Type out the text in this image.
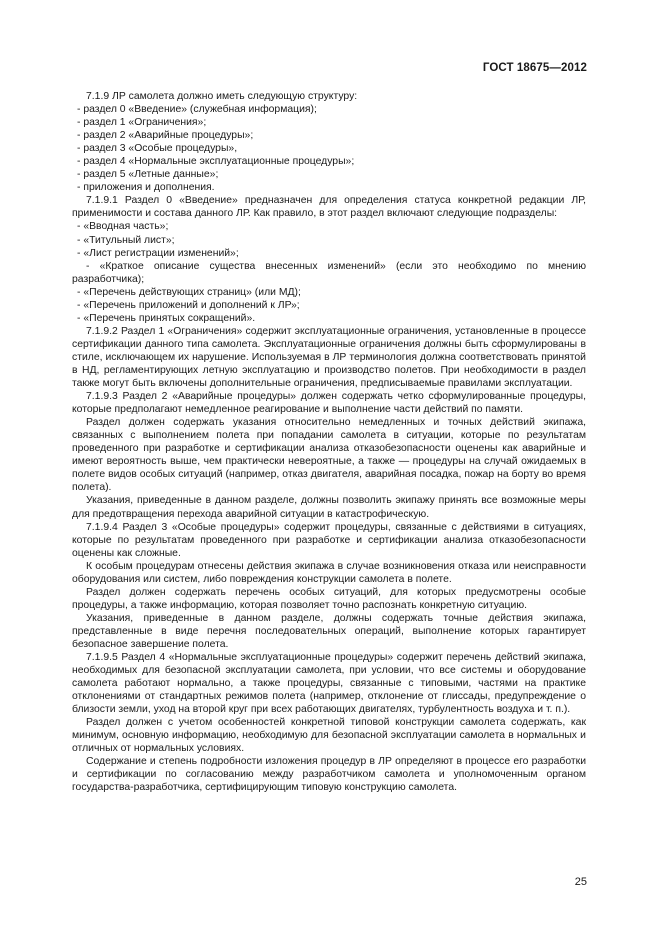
ГОСТ 18675—2012
7.1.9 ЛР самолета должно иметь следующую структуру:
- раздел 0 «Введение» (служебная информация);
- раздел 1 «Ограничения»;
- раздел 2 «Аварийные процедуры»;
- раздел 3 «Особые процедуры»,
- раздел 4 «Нормальные эксплуатационные процедуры»;
- раздел 5 «Летные данные»;
- приложения и дополнения.
7.1.9.1 Раздел 0 «Введение» предназначен для определения статуса конкретной редакции ЛР, применимости и состава данного ЛР. Как правило, в этот раздел включают следующие подразделы:
- «Вводная часть»;
- «Титульный лист»;
- «Лист регистрации изменений»;
- «Краткое описание существа внесенных изменений» (если это необходимо по мнению разработчика);
- «Перечень действующих страниц» (или МД);
- «Перечень приложений и дополнений к ЛР»;
- «Перечень принятых сокращений».
7.1.9.2 Раздел 1 «Ограничения» содержит эксплуатационные ограничения, установленные в процессе сертификации данного типа самолета. Эксплуатационные ограничения должны быть сформулированы в стиле, исключающем их нарушение. Используемая в ЛР терминология должна соответствовать принятой в НД, регламентирующих летную эксплуатацию и производство полетов. При необходимости в раздел также могут быть включены дополнительные ограничения, предписываемые правилами эксплуатации.
7.1.9.3 Раздел 2 «Аварийные процедуры» должен содержать четко сформулированные процедуры, которые предполагают немедленное реагирование и выполнение части действий по памяти.
Раздел должен содержать указания относительно немедленных и точных действий экипажа, связанных с выполнением полета при попадании самолета в ситуации, которые по результатам проведенного при разработке и сертификации анализа отказобезопасности оценены как аварийные и имеют вероятность выше, чем практически невероятные, а также — процедуры на случай ожидаемых в полете видов особых ситуаций (например, отказ двигателя, аварийная посадка, пожар на борту во время полета).
Указания, приведенные в данном разделе, должны позволить экипажу принять все возможные меры для предотвращения перехода аварийной ситуации в катастрофическую.
7.1.9.4 Раздел 3 «Особые процедуры» содержит процедуры, связанные с действиями в ситуациях, которые по результатам проведенного при разработке и сертификации анализа отказобезопасности оценены как сложные.
К особым процедурам отнесены действия экипажа в случае возникновения отказа или неисправности оборудования или систем, либо повреждения конструкции самолета в полете.
Раздел должен содержать перечень особых ситуаций, для которых предусмотрены особые процедуры, а также информацию, которая позволяет точно распознать конкретную ситуацию.
Указания, приведенные в данном разделе, должны содержать точные действия экипажа, представленные в виде перечня последовательных операций, выполнение которых гарантирует безопасное завершение полета.
7.1.9.5 Раздел 4 «Нормальные эксплуатационные процедуры» содержит перечень действий экипажа, необходимых для безопасной эксплуатации самолета, при условии, что все системы и оборудование самолета работают нормально, а также процедуры, связанные с типовыми, частями на практике отклонениями от стандартных режимов полета (например, отклонение от глиссады, предупреждение о близости земли, уход на второй круг при всех работающих двигателях, турбулентность воздуха и т. п.).
Раздел должен с учетом особенностей конкретной типовой конструкции самолета содержать, как минимум, основную информацию, необходимую для безопасной эксплуатации самолета в нормальных и отличных от нормальных условиях.
Содержание и степень подробности изложения процедур в ЛР определяют в процессе его разработки и сертификации по согласованию между разработчиком самолета и уполномоченным органом государства-разработчика, сертифицирующим типовую конструкцию самолета.
25
